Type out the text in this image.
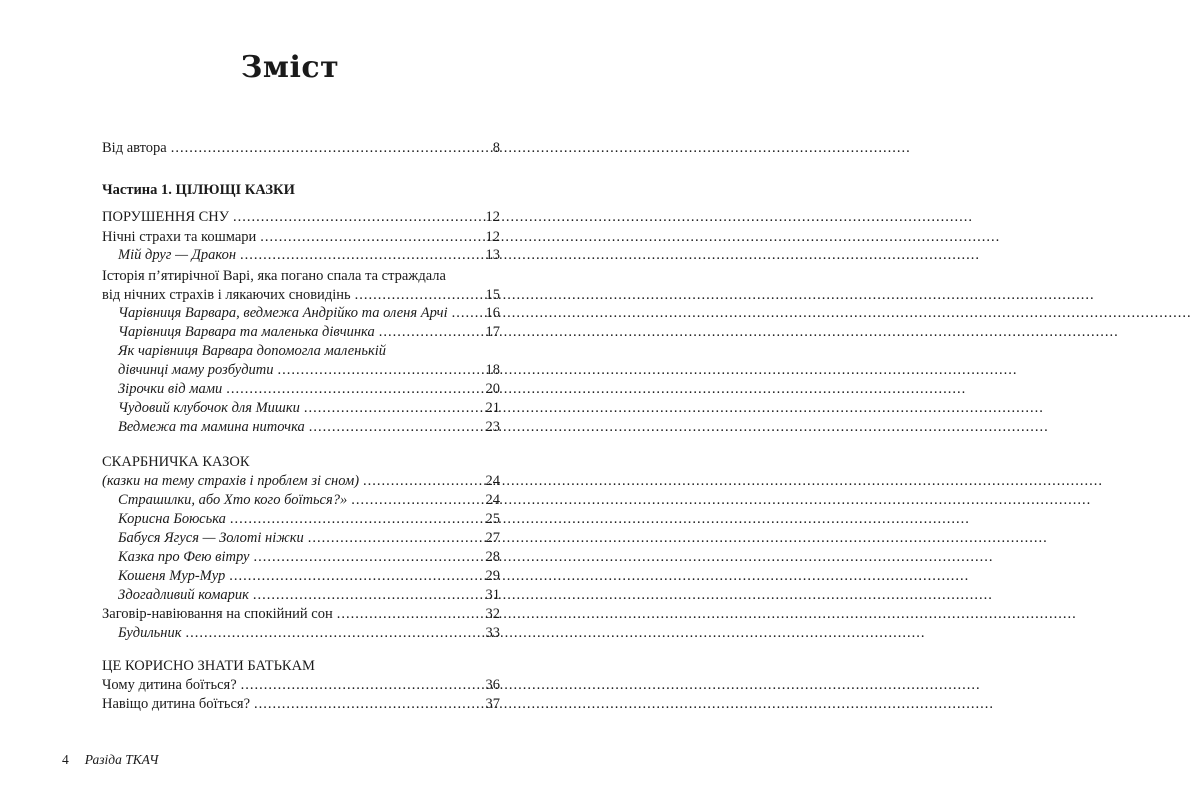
Зміст
Від автора .....	8
Частина 1. ЦІЛЮЩІ КАЗКИ
ПОРУШЕННЯ СНУ .....	12
Нічні страхи та кошмари .....	12
Мій друг — Дракон .....	13
Історія п’ятирічної Варі, яка погано спала та страждала
від нічних страхів і лякаючих сновидінь .....	15
Чарівниця Варвара, ведмежа Андрійко та оленя Арчі .....	16
Чарівниця Варвара та маленька дівчинка .....	17
Як чарівниця Варвара допомогла маленькій
дівчинці маму розбудити .....	18
Зірочки від мами .....	20
Чудовий клубочок для Мишки .....	21
Ведмежа та мамина ниточка .....	23
СКАРБНИЧКА КАЗОК
(казки на тему страхів і проблем зі сном) .....	24
Страшилки, або Хто кого боїться?» .....	24
Корисна Боюська .....	25
Бабуся Ягуся — Золоті ніжки .....	27
Казка про Фею вітру .....	28
Кошеня Мур-Мур .....	29
Здогадливий комарик .....	31
Заговір-навіювання на спокійний сон .....	32
Будильник .....	33
ЦЕ КОРИСНО ЗНАТИ БАТЬКАМ
Чому дитина боїться? .....	36
Навіщо дитина боїться? .....	37
4 Разіда ТКАЧ
